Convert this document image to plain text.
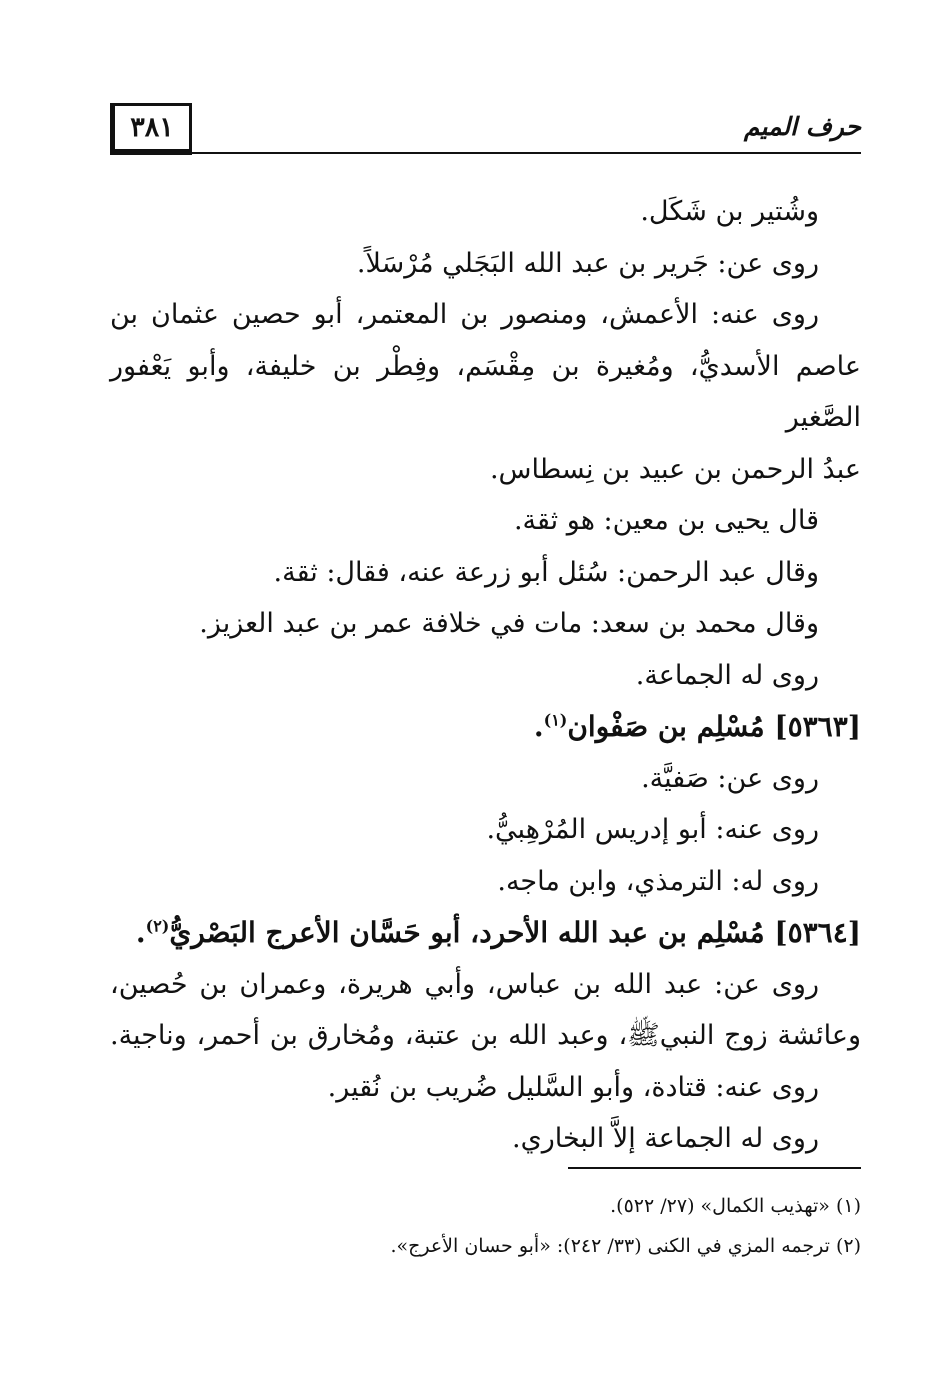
٣٨١	حرف الميم
وشُتير بن شَكَل.
روى عن: جَرير بن عبد الله البَجَلي مُرْسَلاً.
روى عنه: الأعمش، ومنصور بن المعتمر، أبو حصين عثمان بن
عاصم الأسديُّ، ومُغيرة بن مِقْسَم، وفِطْر بن خليفة، وأبو يَعْفور الصَّغير
عبدُ الرحمن بن عبيد بن نِسطاس.
قال يحيى بن معين: هو ثقة.
وقال عبد الرحمن: سُئل أبو زرعة عنه، فقال: ثقة.
وقال محمد بن سعد: مات في خلافة عمر بن عبد العزيز.
روى له الجماعة.
[٥٣٦٣] مُسْلِم بن صَفْوان$^{(١)}$.
روى عن: صَفيَّة.
روى عنه: أبو إدريس المُرْهِبيُّ.
روى له: الترمذي، وابن ماجه.
[٥٣٦٤] مُسْلِم بن عبد الله الأحرد، أبو حَسَّان الأعرج البَصْريُّ$^{(٢)}$.
روى عن: عبد الله بن عباس، وأبي هريرة، وعمران بن حُصين،
وعائشة زوج النبيﷺ، وعبد الله بن عتبة، ومُخارق بن أحمر، وناجية.
روى عنه: قتادة، وأبو السَّليل ضُريب بن نُقير.
روى له الجماعة إلاَّ البخاري.
(١) «تهذيب الكمال» (٢٧/ ٥٢٢).
(٢) ترجمه المزي في الكنى (٣٣/ ٢٤٢): «أبو حسان الأعرج».
